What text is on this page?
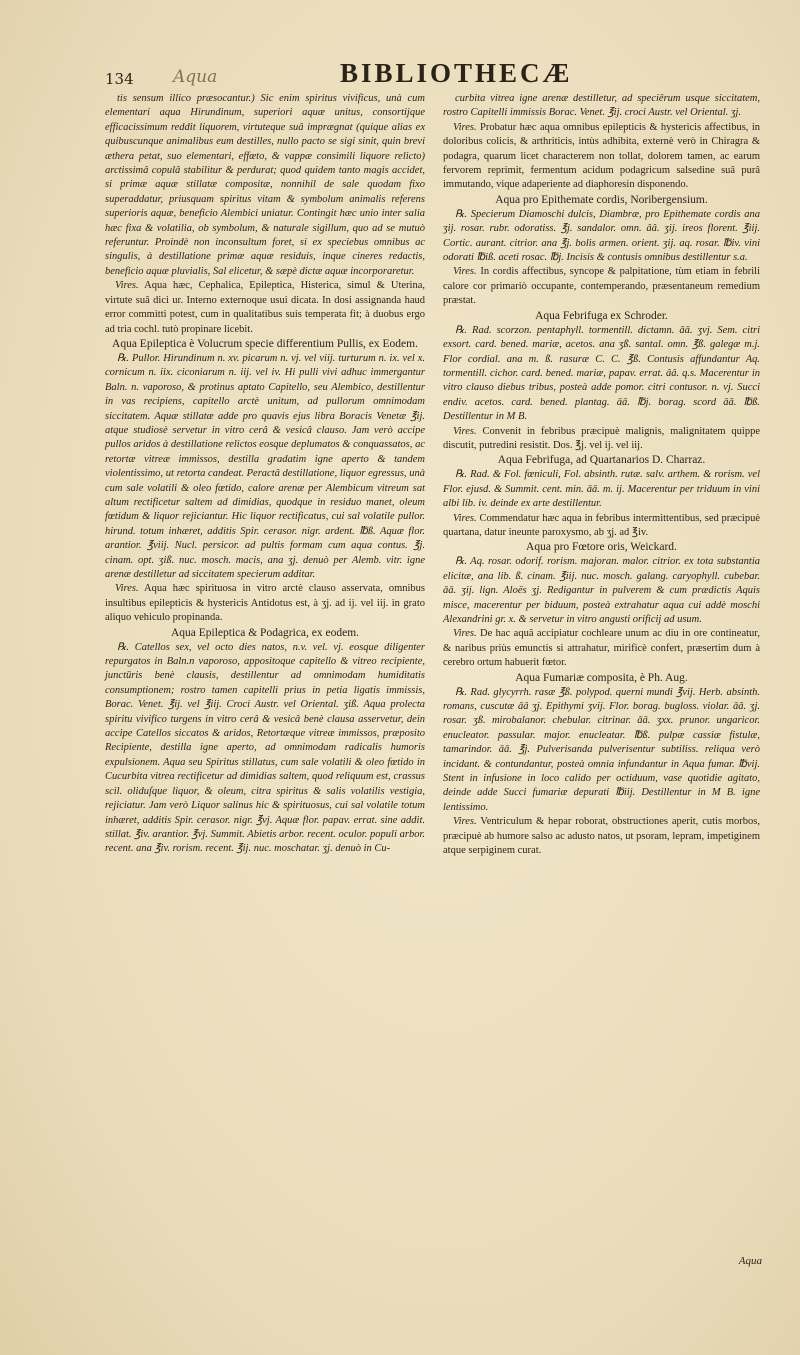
134 Aqua	BIBLIOTHECÆ

tis sensum illico præsocantur.) Sic enim spiritus vivificus, unà cum elementari aqua Hirundinum, superiori aquæ unitus, consortijque efficacissimum reddit liquorem, virtuteque suâ imprægnat (quique alias ex quibuscunque animalibus eum destilles, nullo pacto se sigi sinit, quin brevi æthera petat, suo elementari, effœto, & vappæ consimili liquore relicto) arctissimâ copulâ stabilitur & perdurat; quod quidem tanto magis accidet, si primæ aquæ stillatæ compositæ, nonnihil de sale quodam fixo superaddatur, priusquam spiritus vitam & symbolum animalis referens superioris aquæ, beneficio Alembici uniatur. Contingit hæc unio inter salia hæc fixa & volatilia, ob symbolum, & naturale sigillum, quo ad se mutuò referuntur. Proindè non inconsultum foret, si ex speciebus omnibus ac singulis, à destillatione primæ aquæ residuis, inque cineres redactis, beneficio aquæ pluvialis, Sal elicetur, & sæpè dictæ aquæ incorporaretur.

Vires. Aqua hæc, Cephalica, Epileptica, Histerica, simul & Uterina, virtute suâ dici ur. Interno externoque usui dicata. In dosi assignanda haud error committi potest, cum in qualitatibus suis temperata fit; à duobus ergo ad tria cochl. tutò propinare licebit.

Aqua Epileptica è Volucrum specie differentium Pullis, ex Eodem.

℞. Pullor. Hirundinum n. xv. picarum n. vj. vel viij. turturum n. ix. vel x. cornicum n. iix. ciconiarum n. iij. vel iv. Hi pulli vivi adhuc immergantur Baln. n. vaporoso, & protinus aptato Capitello, seu Alembico, destillentur in vas recipiens, capitello arctè unitum, ad pullorum omnimodam siccitatem. Aquæ stillatæ adde pro quavis ejus libra Boracis Venetæ ℥ij. atque studiosè servetur in vitro cerâ & vesicâ clauso. Jam verò accipe pullos aridos à destillatione relictos eosque deplumatos & conquassatos, ac retortæ vitreæ immissos, destilla gradatim igne aperto & tandem violentissimo, ut retorta candeat. Peractâ destillatione, liquor egressus, unà cum sale volatili & oleo fœtido, calore arenæ per Alembicum vitreum sat altum rectificetur saltem ad dimidias, quodque in residuo manet, oleum fœtidum & liquor rejiciantur. Hic liquor rectificatus, cui sal volatile pullor. hirund. totum inhæret, additis Spir. cerasor. nigr. ardent. ℔ß. Aquæ flor. arantior. ℥viij. Nucl. persicor. ad pultis formam cum aqua contus. ℥j. cinam. opt. ʒiß. nuc. mosch. macis, ana ʒj. denuò per Alemb. vitr. igne arenæ destilletur ad siccitatem specierum additar.

Vires. Aqua hæc spirituosa in vitro arctè clauso asservata, omnibus insultibus epilepticis & hystericis Antidotus est, à ʒj. ad ij. vel iij. in grato aliquo vehiculo propinanda.

Aqua Epileptica & Podagrica, ex eodem.

℞. Catellos sex, vel octo dies natos, n.v. vel. vj. eosque diligenter repurgatos in Baln.n vaporoso, appositoque capitello & vitreo recipiente, junctūris benè clausis, destillentur ad omnimodam humiditatis consumptionem; rostro tamen capitelli prius in petia ligatis immissis, Borac. Venet. ℥ij. vel ℥iij. Croci Austr. vel Oriental. ʒiß. Aqua prolecta spiritu vivifico turgens in vitro cerâ & vesicâ benè clausa asservetur, dein accipe Catellos siccatos & aridos, Retortæque vitreæ immissos, præposito Recipiente, destilla igne aperto, ad omnimodam radicalis humoris expulsionem. Aqua seu Spiritus stillatus, cum sale volatili & oleo fœtido in Cucurbita vitrea rectificetur ad dimidias saltem, quod reliquum est, crassus scil. oliduſque liquor, & oleum, citra spiritus & salis volatilis vestigia, rejiciatur. Jam verò Liquor salinus hic & spirituosus, cui sal volatile totum inhæret, additis Spir. cerasor. nigr. ℥vj. Aquæ flor. papav. errat. sine addit. stillat. ℥iv. arantior. ℥vj. Summit. Abietis arbor. recent. oculor. populi arbor. recent. ana ℥iv. rorism. recent. ℥ij. nuc. moschatar. ʒj. denuò in Cu-

curbita vitrea igne arenæ destilletur, ad speciērum usque siccitatem, rostro Capitelli immissis Borac. Venet. ℥ij. croci Austr. vel Oriental. ʒj.

Vires. Probatur hæc aqua omnibus epilepticis & hystericis affectibus, in doloribus colicis, & arthriticis, intùs adhibita, externè verò in Chiragra & podagra, quarum licet characterem non tollat, dolorem tamen, ac earum fervorem reprimit, fermentum acidum podagricum salsedine suâ purâ immutando, vique adaperiente ad diaphoresin disponendo.

Aqua pro Epithemate cordis, Noribergensium.

℞. Specierum Diamoschi dulcis, Diambræ, pro Epithemate cordis ana ʒij. rosar. rubr. odoratiss. ℥j. sandalor. omn. ââ. ʒij. ireos florent. ℥iij. Cortic. aurant. citrior. ana ℥j. bolis armen. orient. ʒij. aq. rosar. ℔iv. vini odorati ℔iß. aceti rosac. ℔j. Incisis & contusis omnibus destillentur s.a.

Vires. In cordis affectibus, syncope & palpitatione, tùm etiam in febrili calore cor primariò occupante, contemperando, præsentaneum remedium præstat.

Aqua Febrifuga ex Schroder.

℞. Rad. scorzon. pentaphyll. tormentill. dictamn. āā. ʒvj. Sem. citri exsort. card. bened. mariæ, acetos. ana ʒß. santal. omn. ℥ß. galegæ m.j. Flor cordial. ana m. ß. rasuræ C. C. ℥ß. Contusis affundantur Aq. tormentill. cichor. card. bened. mariæ, papav. errat. ââ. q.s. Macerentur in vitro clauso diebus tribus, posteà adde pomor. citri contusor. n. vj. Succi endiv. acetos. card. bened. plantag. āā. ℔j. borag. scord āā. ℔ß. Destillentur in M B.

Vires. Convenit in febribus præcipuè malignis, malignitatem quippe discutit, putredini resistit. Dos. ℥j. vel ij. vel iij.

Aqua Febrifuga, ad Quartanarios D. Charraz.

℞. Rad. & Fol. fœniculi, Fol. absinth. rutæ. salv. arthem. & rorism. vel Flor. ejusd. & Summit. cent. min. āā. m. ij. Macerentur per triduum in vini albi lib. iv. deinde ex arte destillentur.

Vires. Commendatur hæc aqua in febribus intermittentibus, sed præcipuè quartana, datur ineunte paroxysmo, ab ʒj. ad ℥iv.

Aqua pro Fœtore oris, Weickard.

℞. Aq. rosar. odorif. rorism. majoran. malor. citrior. ex tota substantia elicitæ, ana lib. ß. cinam. ℥iij. nuc. mosch. galang. caryophyll. cubebar. āā. ʒij. lign. Aloës ʒj. Redigantur in pulverem & cum prædictis Aquis misce, macerentur per biduum, posteà extrahatur aqua cui addè moschi Alexandrini gr. x. & servetur in vitro angusti orificij ad usum.

Vires. De hac aquâ accipiatur cochleare unum ac diu in ore contineatur, & naribus priùs emunctis si attrahatur, mirificè confert, præsertim dum à cerebro ortum habuerit fœtor.

Aqua Fumariæ composita, è Ph. Aug.

℞. Rad. glycyrrh. rasæ ℥ß. polypod. querni mundi ℥vij. Herb. absinth. romans, cuscutæ ââ ʒj. Epithymi ʒvij. Flor. borag. bugloss. violar. āā. ʒj. rosar. ʒß. mirobalanor. chebular. citrinar. āā. ʒxx. prunor. ungaricor. enucleator. passular. major. enucleatar. ℔ß. pulpæ cassiæ fistulæ, tamarindor. āā. ℥j. Pulverisanda pulverisentur subtiliss. reliqua verò incidant. & contundantur, posteà omnia infundantur in Aqua fumar. ℔vij. Stent in infusione in loco calido per octiduum, vase quotidie agitato, deinde adde Succi fumariæ depurati ℔iij. Destillentur in M B. igne lentissimo.

Vires. Ventriculum & hepar roborat, obstructiones aperit, cutis morbos, præcipuè ab humore salso ac adusto natos, ut psoram, lepram, impetiginem atque serpiginem curat.

Aqua
